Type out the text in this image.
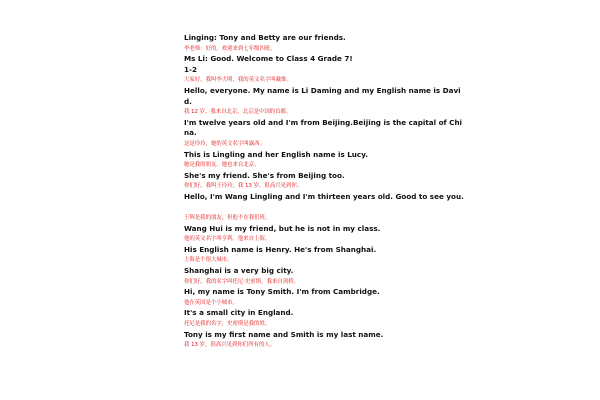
Linging: Tony and Betty are our friends.

李老师：好的。欢迎来到七年级四班。

Ms Li: Good. Welcome to Class 4 Grade 7!

1-2

大家好，我叫李大明，我的英文名字叫戴维。

Hello, everyone. My name is Li Daming and my English name is Davi

d.

我 12 岁，我来自北京。北京是中国的首都。

I'm twelve years old and I'm from Beijing.Beijing is the capital of Chi

na.

这是玲玲，她的英文名字叫露西。

This is Lingling and her English name is Lucy.

她是我的朋友。她也来自北京。

She's my friend. She's from Beijing too.

你们好，我叫王玲玲，我 13 岁。很高兴见到你。

Hello, I'm Wang Lingling and I'm thirteen years old. Good to see you.

王辉是我的朋友，但他不在我们班。

Wang Hui is my friend, but he is not in my class.

他的英文名字叫亨利。他来自上海。

His English name is Henry. He's from Shanghai.

上海是个很大城市。

Shanghai is a very big city.

你们好，我的名字叫托尼·史密斯。我来自剑桥。

Hi, my name is Tony Smith. I'm from Cambridge.

他在英国是个小城市。

It's a small city in England.

托尼是我的名字，史密斯是我的姓。

Tony is my first name and Smith is my last name.

我 13 岁，很高兴见到你们所有的人。
